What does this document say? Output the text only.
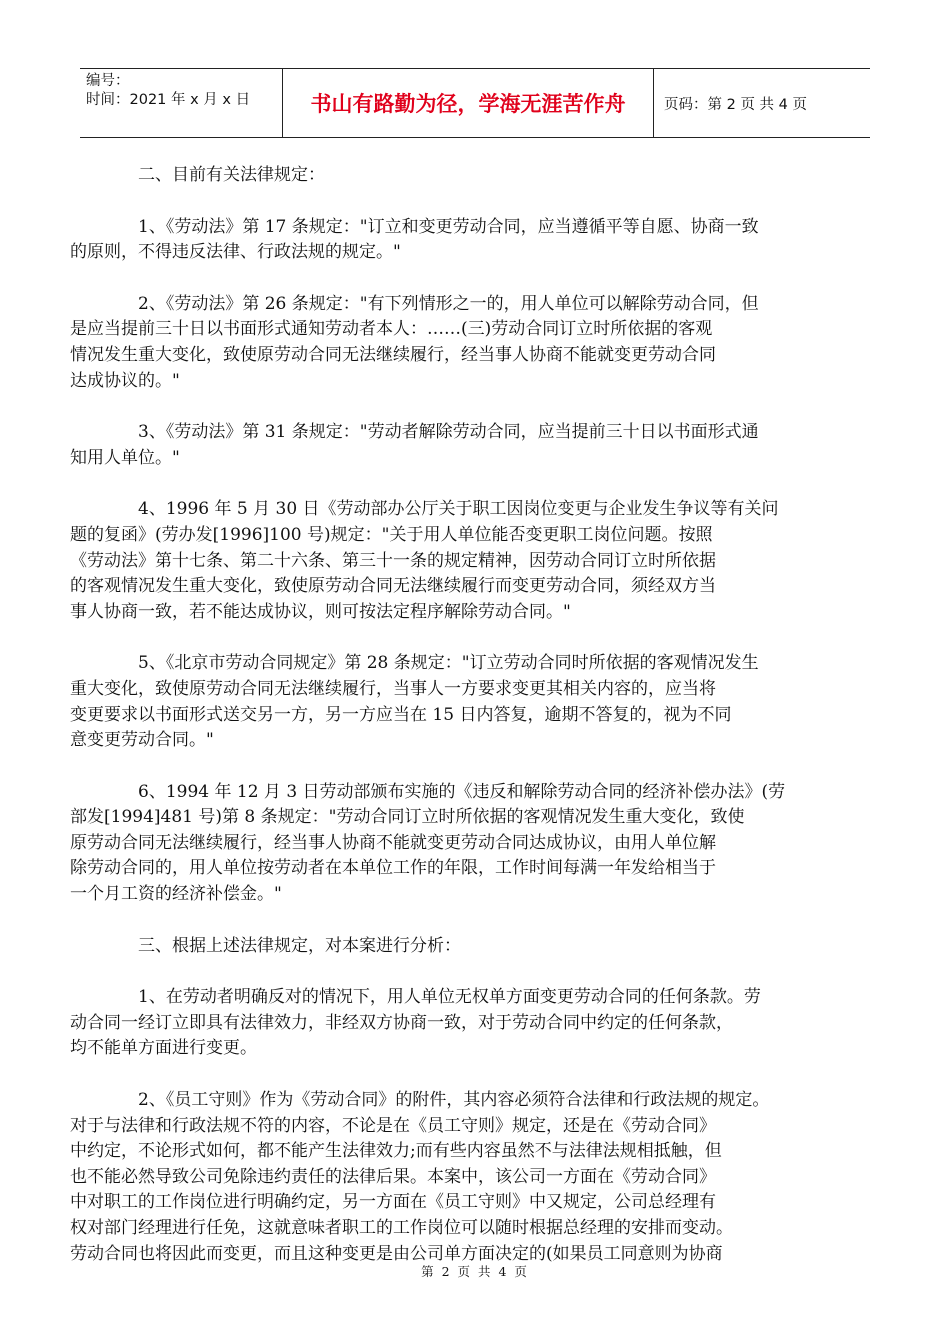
编号：
时间：2021 年 x 月 x 日	书山有路勤为径，学海无涯苦作舟	页码：第 2 页 共 4 页
二、目前有关法律规定：
1、《劳动法》第 17 条规定："订立和变更劳动合同，应当遵循平等自愿、协商一致
的原则，不得违反法律、行政法规的规定。"
2、《劳动法》第 26 条规定："有下列情形之一的，用人单位可以解除劳动合同，但
是应当提前三十日以书面形式通知劳动者本人：……(三)劳动合同订立时所依据的客观
情况发生重大变化，致使原劳动合同无法继续履行，经当事人协商不能就变更劳动合同
达成协议的。"
3、《劳动法》第 31 条规定："劳动者解除劳动合同，应当提前三十日以书面形式通
知用人单位。"
4、1996 年 5 月 30 日《劳动部办公厅关于职工因岗位变更与企业发生争议等有关问
题的复函》(劳办发[1996]100 号)规定："关于用人单位能否变更职工岗位问题。按照
《劳动法》第十七条、第二十六条、第三十一条的规定精神，因劳动合同订立时所依据
的客观情况发生重大变化，致使原劳动合同无法继续履行而变更劳动合同，须经双方当
事人协商一致，若不能达成协议，则可按法定程序解除劳动合同。"
5、《北京市劳动合同规定》第 28 条规定："订立劳动合同时所依据的客观情况发生
重大变化，致使原劳动合同无法继续履行，当事人一方要求变更其相关内容的，应当将
变更要求以书面形式送交另一方，另一方应当在 15 日内答复，逾期不答复的，视为不同
意变更劳动合同。"
6、1994 年 12 月 3 日劳动部颁布实施的《违反和解除劳动合同的经济补偿办法》(劳
部发[1994]481 号)第 8 条规定："劳动合同订立时所依据的客观情况发生重大变化，致使
原劳动合同无法继续履行，经当事人协商不能就变更劳动合同达成协议，由用人单位解
除劳动合同的，用人单位按劳动者在本单位工作的年限，工作时间每满一年发给相当于
一个月工资的经济补偿金。"
三、根据上述法律规定，对本案进行分析：
1、在劳动者明确反对的情况下，用人单位无权单方面变更劳动合同的任何条款。劳
动合同一经订立即具有法律效力，非经双方协商一致，对于劳动合同中约定的任何条款，
均不能单方面进行变更。
2、《员工守则》作为《劳动合同》的附件，其内容必须符合法律和行政法规的规定。
对于与法律和行政法规不符的内容，不论是在《员工守则》规定，还是在《劳动合同》
中约定，不论形式如何，都不能产生法律效力;而有些内容虽然不与法律法规相抵触，但
也不能必然导致公司免除违约责任的法律后果。本案中，该公司一方面在《劳动合同》
中对职工的工作岗位进行明确约定，另一方面在《员工守则》中又规定，公司总经理有
权对部门经理进行任免，这就意味者职工的工作岗位可以随时根据总经理的安排而变动。
劳动合同也将因此而变更，而且这种变更是由公司单方面决定的(如果员工同意则为协商
第 2 页 共 4 页
